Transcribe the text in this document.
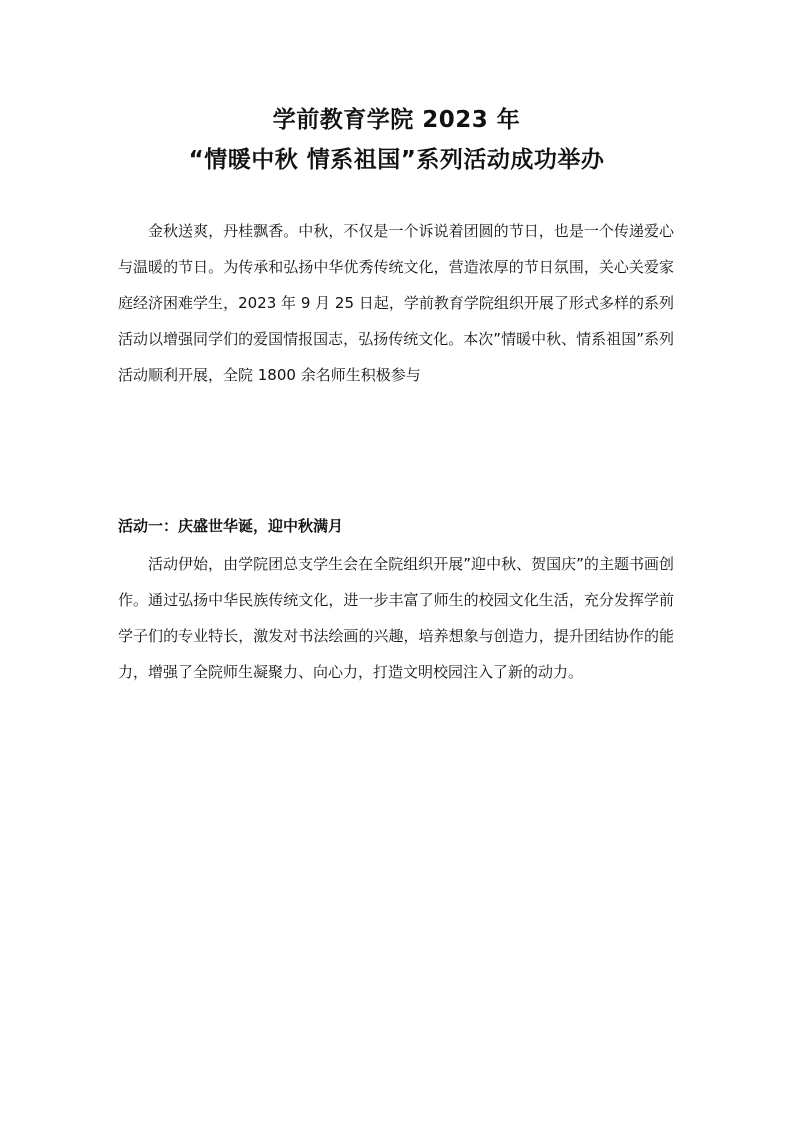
学前教育学院 2023 年
“情暖中秋 情系祖国”系列活动成功举办

金秋送爽，丹桂飘香。中秋，不仅是一个诉说着团圆的节日，也是一个传递爱心与温暖的节日。为传承和弘扬中华优秀传统文化，营造浓厚的节日氛围，关心关爱家庭经济困难学生，2023 年 9 月 25 日起，学前教育学院组织开展了形式多样的系列活动以增强同学们的爱国情报国志，弘扬传统文化。本次”情暖中秋、情系祖国”系列活动顺利开展，全院 1800 余名师生积极参与

活动一：庆盛世华诞，迎中秋满月

活动伊始，由学院团总支学生会在全院组织开展”迎中秋、贺国庆”的主题书画创作。通过弘扬中华民族传统文化，进一步丰富了师生的校园文化生活，充分发挥学前学子们的专业特长，激发对书法绘画的兴趣，培养想象与创造力，提升团结协作的能力，增强了全院师生凝聚力、向心力，打造文明校园注入了新的动力。
